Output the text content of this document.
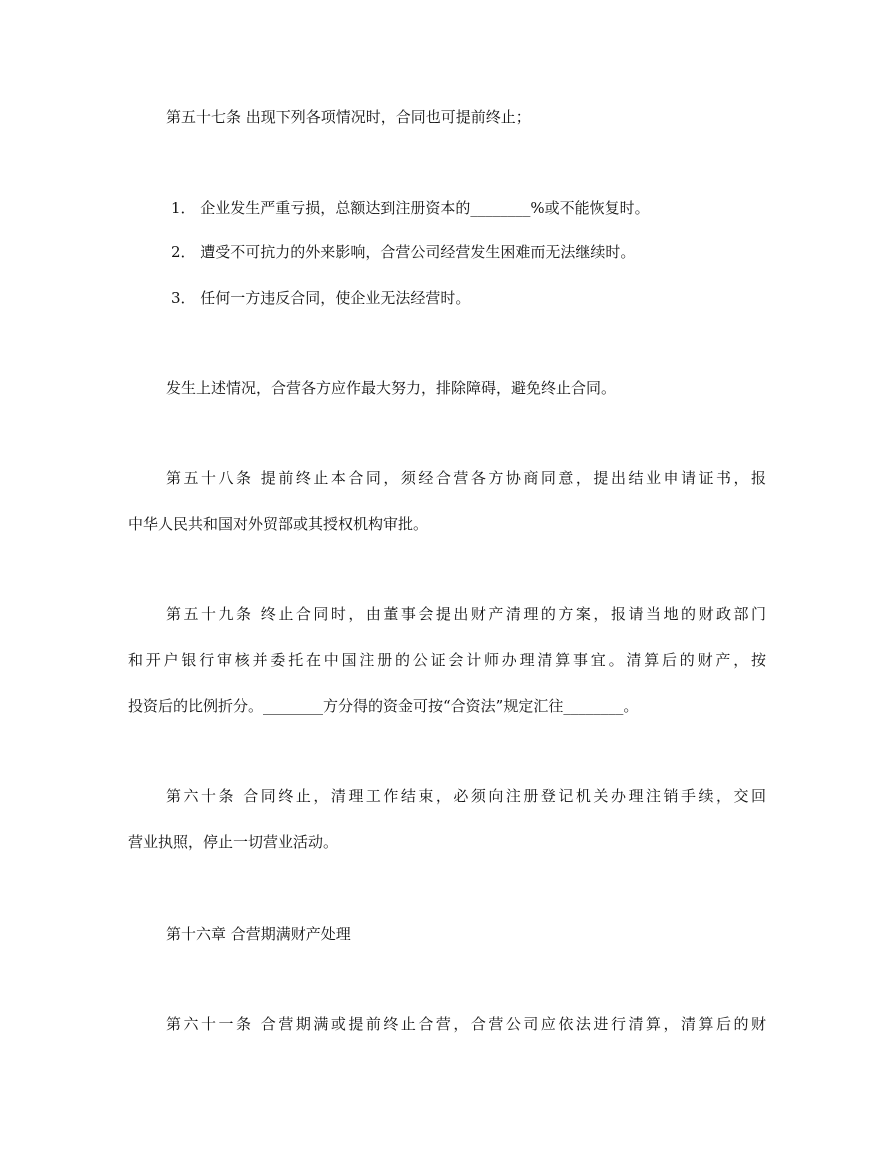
第五十七条 出现下列各项情况时，合同也可提前终止；
1． 企业发生严重亏损，总额达到注册资本的________%或不能恢复时。
2． 遭受不可抗力的外来影响，合营公司经营发生困难而无法继续时。
3． 任何一方违反合同，使企业无法经营时。
发生上述情况，合营各方应作最大努力，排除障碍，避免终止合同。
第五十八条 提前终止本合同，须经合营各方协商同意，提出结业申请证书，报
中华人民共和国对外贸部或其授权机构审批。
第五十九条 终止合同时，由董事会提出财产清理的方案，报请当地的财政部门
和开户银行审核并委托在中国注册的公证会计师办理清算事宜。清算后的财产，按
投资后的比例折分。________方分得的资金可按“合资法”规定汇往________。
第六十条 合同终止，清理工作结束，必须向注册登记机关办理注销手续，交回
营业执照，停止一切营业活动。
第十六章 合营期满财产处理
第六十一条 合营期满或提前终止合营，合营公司应依法进行清算，清算后的财
